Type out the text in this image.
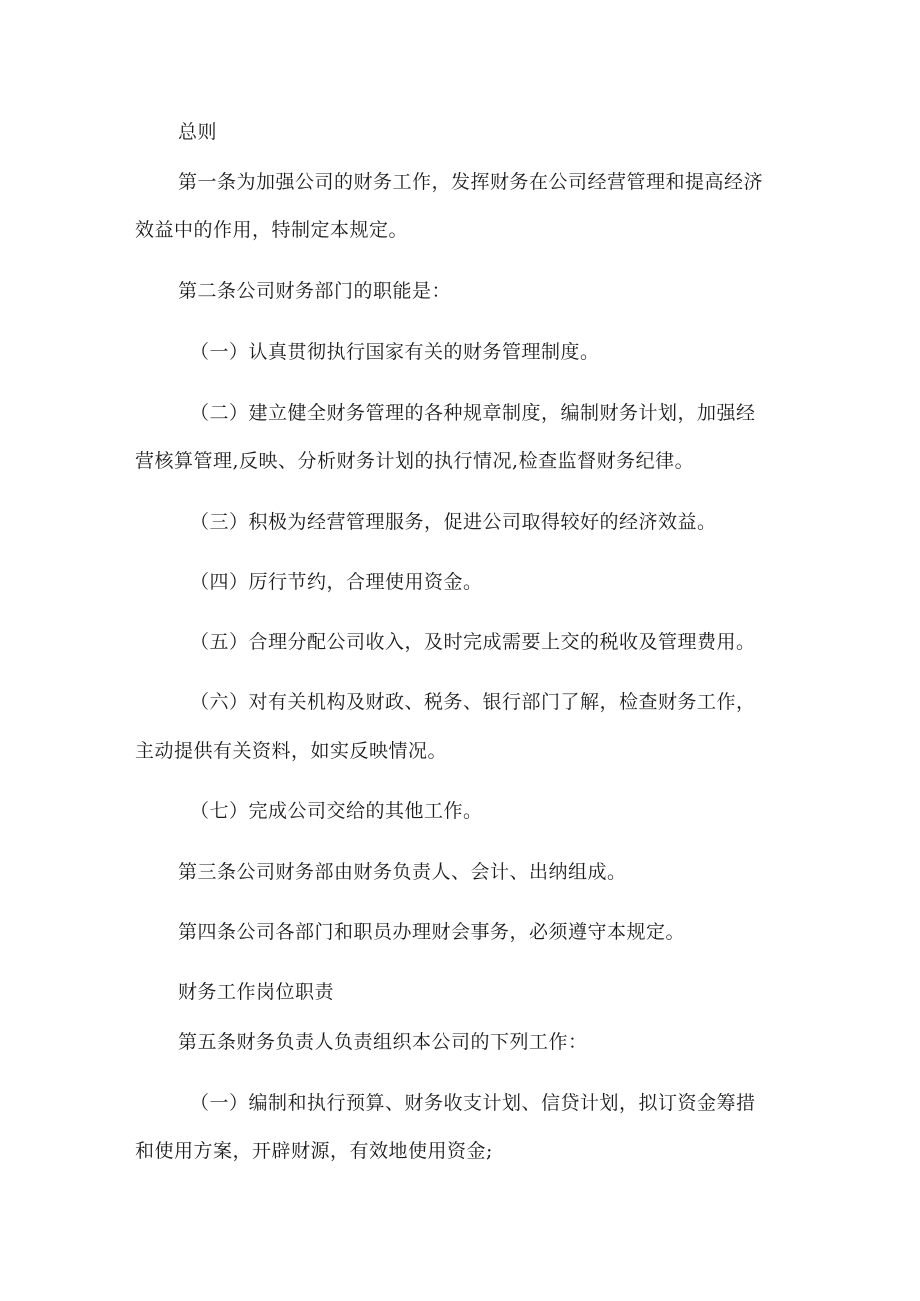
总则
第一条为加强公司的财务工作，发挥财务在公司经营管理和提高经济
效益中的作用，特制定本规定。
第二条公司财务部门的职能是：
（一）认真贯彻执行国家有关的财务管理制度。
（二）建立健全财务管理的各种规章制度，编制财务计划，加强经
营核算管理,反映、分析财务计划的执行情况,检查监督财务纪律。
（三）积极为经营管理服务，促进公司取得较好的经济效益。
（四）厉行节约，合理使用资金。
（五）合理分配公司收入，及时完成需要上交的税收及管理费用。
（六）对有关机构及财政、税务、银行部门了解，检查财务工作，
主动提供有关资料，如实反映情况。
（七）完成公司交给的其他工作。
第三条公司财务部由财务负责人、会计、出纳组成。
第四条公司各部门和职员办理财会事务，必须遵守本规定。
财务工作岗位职责
第五条财务负责人负责组织本公司的下列工作：
（一）编制和执行预算、财务收支计划、信贷计划，拟订资金筹措
和使用方案，开辟财源，有效地使用资金;
